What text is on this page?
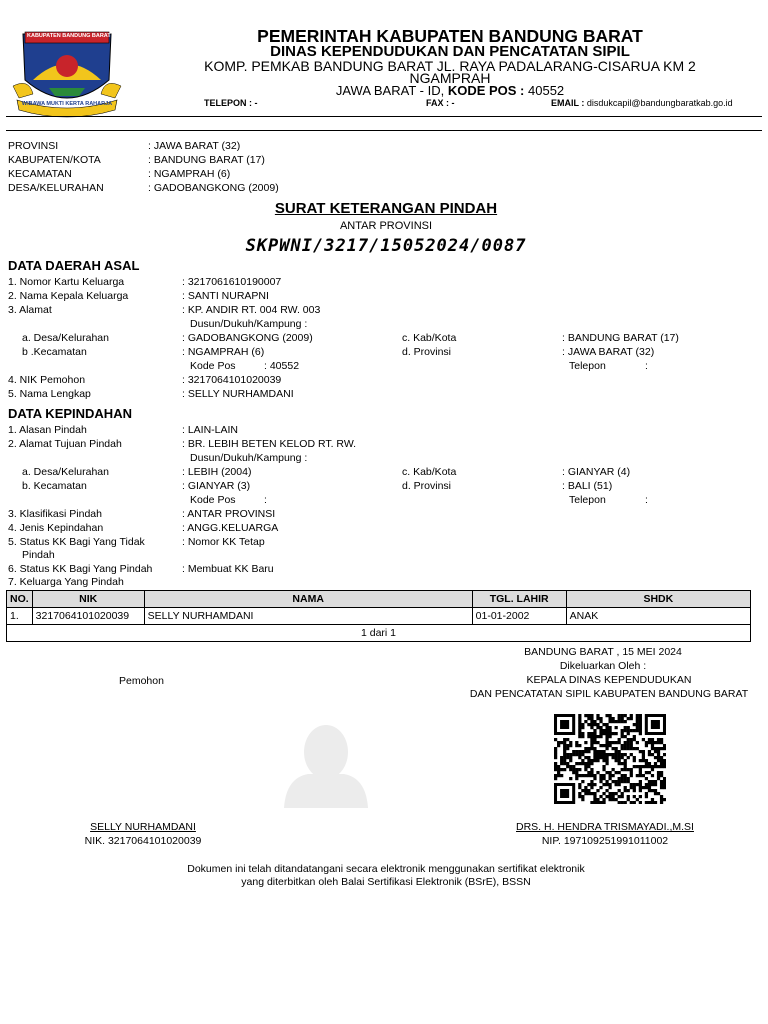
KABUPATEN BANDUNG BARAT
WIBAWA MUKTI KERTA RAHARJA
PEMERINTAH KABUPATEN BANDUNG BARAT
DINAS KEPENDUDUKAN DAN PENCATATAN SIPIL
KOMP. PEMKAB BANDUNG BARAT JL. RAYA PADALARANG-CISARUA KM 2
NGAMPRAH
JAWA BARAT - ID, KODE POS : 40552
TELEPON : -	FAX : -	EMAIL : disdukcapil@bandungbaratkab.go.id
PROVINSI	: JAWA BARAT (32)
KABUPATEN/KOTA	: BANDUNG BARAT (17)
KECAMATAN	: NGAMPRAH (6)
DESA/KELURAHAN	: GADOBANGKONG (2009)
SURAT KETERANGAN PINDAH
ANTAR PROVINSI
SKPWNI/3217/15052024/0087
DATA DAERAH ASAL
1. Nomor Kartu Keluarga	: 3217061610190007
2. Nama Kepala Keluarga	: SANTI NURAPNI
3. Alamat	: KP. ANDIR RT. 004 RW. 003
Dusun/Dukuh/Kampung :
a. Desa/Kelurahan	: GADOBANGKONG (2009)	c. Kab/Kota	: BANDUNG BARAT (17)
b .Kecamatan	: NGAMPRAH (6)	d. Provinsi	: JAWA BARAT (32)
Kode Pos	: 40552	Telepon	:
4. NIK Pemohon	: 3217064101020039
5. Nama Lengkap	: SELLY NURHAMDANI
DATA KEPINDAHAN
1. Alasan Pindah	: LAIN-LAIN
2. Alamat Tujuan Pindah	: BR. LEBIH BETEN KELOD RT. RW.
Dusun/Dukuh/Kampung :
a. Desa/Kelurahan	: LEBIH (2004)	c. Kab/Kota	: GIANYAR (4)
b. Kecamatan	: GIANYAR (3)	d. Provinsi	: BALI (51)
Kode Pos	:	Telepon	:
3. Klasifikasi Pindah	: ANTAR PROVINSI
4. Jenis Kepindahan	: ANGG.KELUARGA
5. Status KK Bagi Yang Tidak
Pindah
: Nomor KK Tetap
6. Status KK Bagi Yang Pindah	: Membuat KK Baru
7. Keluarga Yang Pindah
NO.	NIK	NAMA	TGL. LAHIR	SHDK
1.	3217064101020039	SELLY NURHAMDANI	01-01-2002	ANAK
1 dari 1				
BANDUNG BARAT , 15 MEI 2024
Dikeluarkan Oleh :
KEPALA DINAS KEPENDUDUKAN
DAN PENCATATAN SIPIL KABUPATEN BANDUNG BARAT
Pemohon
SELLY NURHAMDANI
NIK. 3217064101020039
DRS. H. HENDRA TRISMAYADI.,M.SI
NIP. 197109251991011002
Dokumen ini telah ditandatangani secara elektronik menggunakan sertifikat elektronik
yang diterbitkan oleh Balai Sertifikasi Elektronik (BSrE), BSSN
